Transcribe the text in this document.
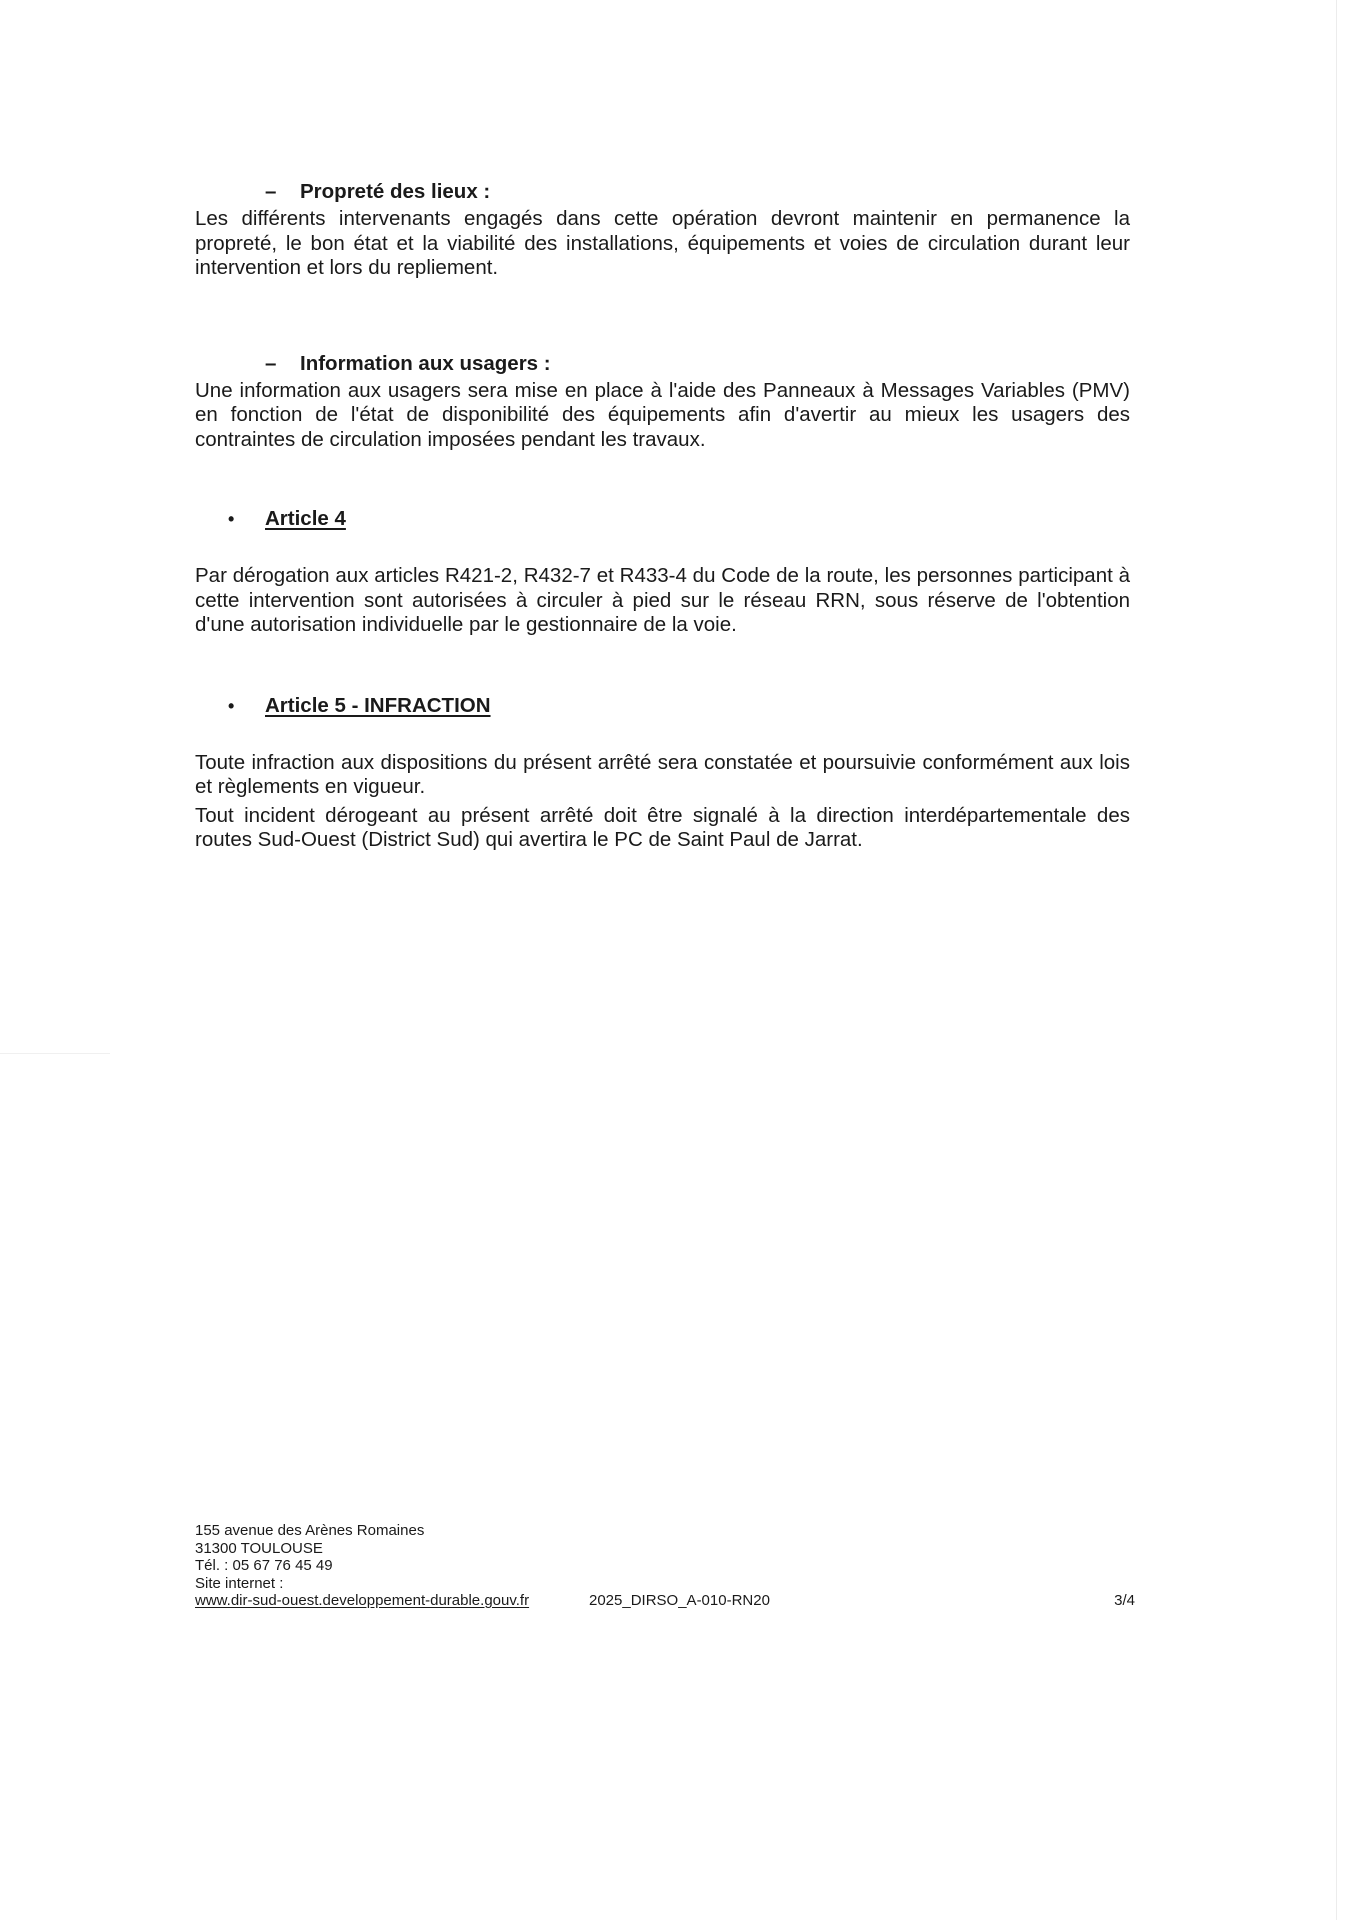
– Propreté des lieux :

Les différents intervenants engagés dans cette opération devront maintenir en permanence la propreté, le bon état et la viabilité des installations, équipements et voies de circulation durant leur intervention et lors du repliement.

– Information aux usagers :

Une information aux usagers sera mise en place à l'aide des Panneaux à Messages Variables (PMV) en fonction de l'état de disponibilité des équipements afin d'avertir au mieux les usagers des contraintes de circulation imposées pendant les travaux.

• Article 4

Par dérogation aux articles R421-2, R432-7 et R433-4 du Code de la route, les personnes participant à cette intervention sont autorisées à circuler à pied sur le réseau RRN, sous réserve de l'obtention d'une autorisation individuelle par le gestionnaire de la voie.

• Article 5 - INFRACTION

Toute infraction aux dispositions du présent arrêté sera constatée et poursuivie conformément aux lois et règlements en vigueur.

Tout incident dérogeant au présent arrêté doit être signalé à la direction interdépartementale des routes Sud-Ouest (District Sud) qui avertira le PC de Saint Paul de Jarrat.

155 avenue des Arènes Romaines
31300 TOULOUSE
Tél. : 05 67 76 45 49
Site internet :
www.dir-sud-ouest.developpement-durable.gouv.fr	2025_DIRSO_A-010-RN20	3/4
